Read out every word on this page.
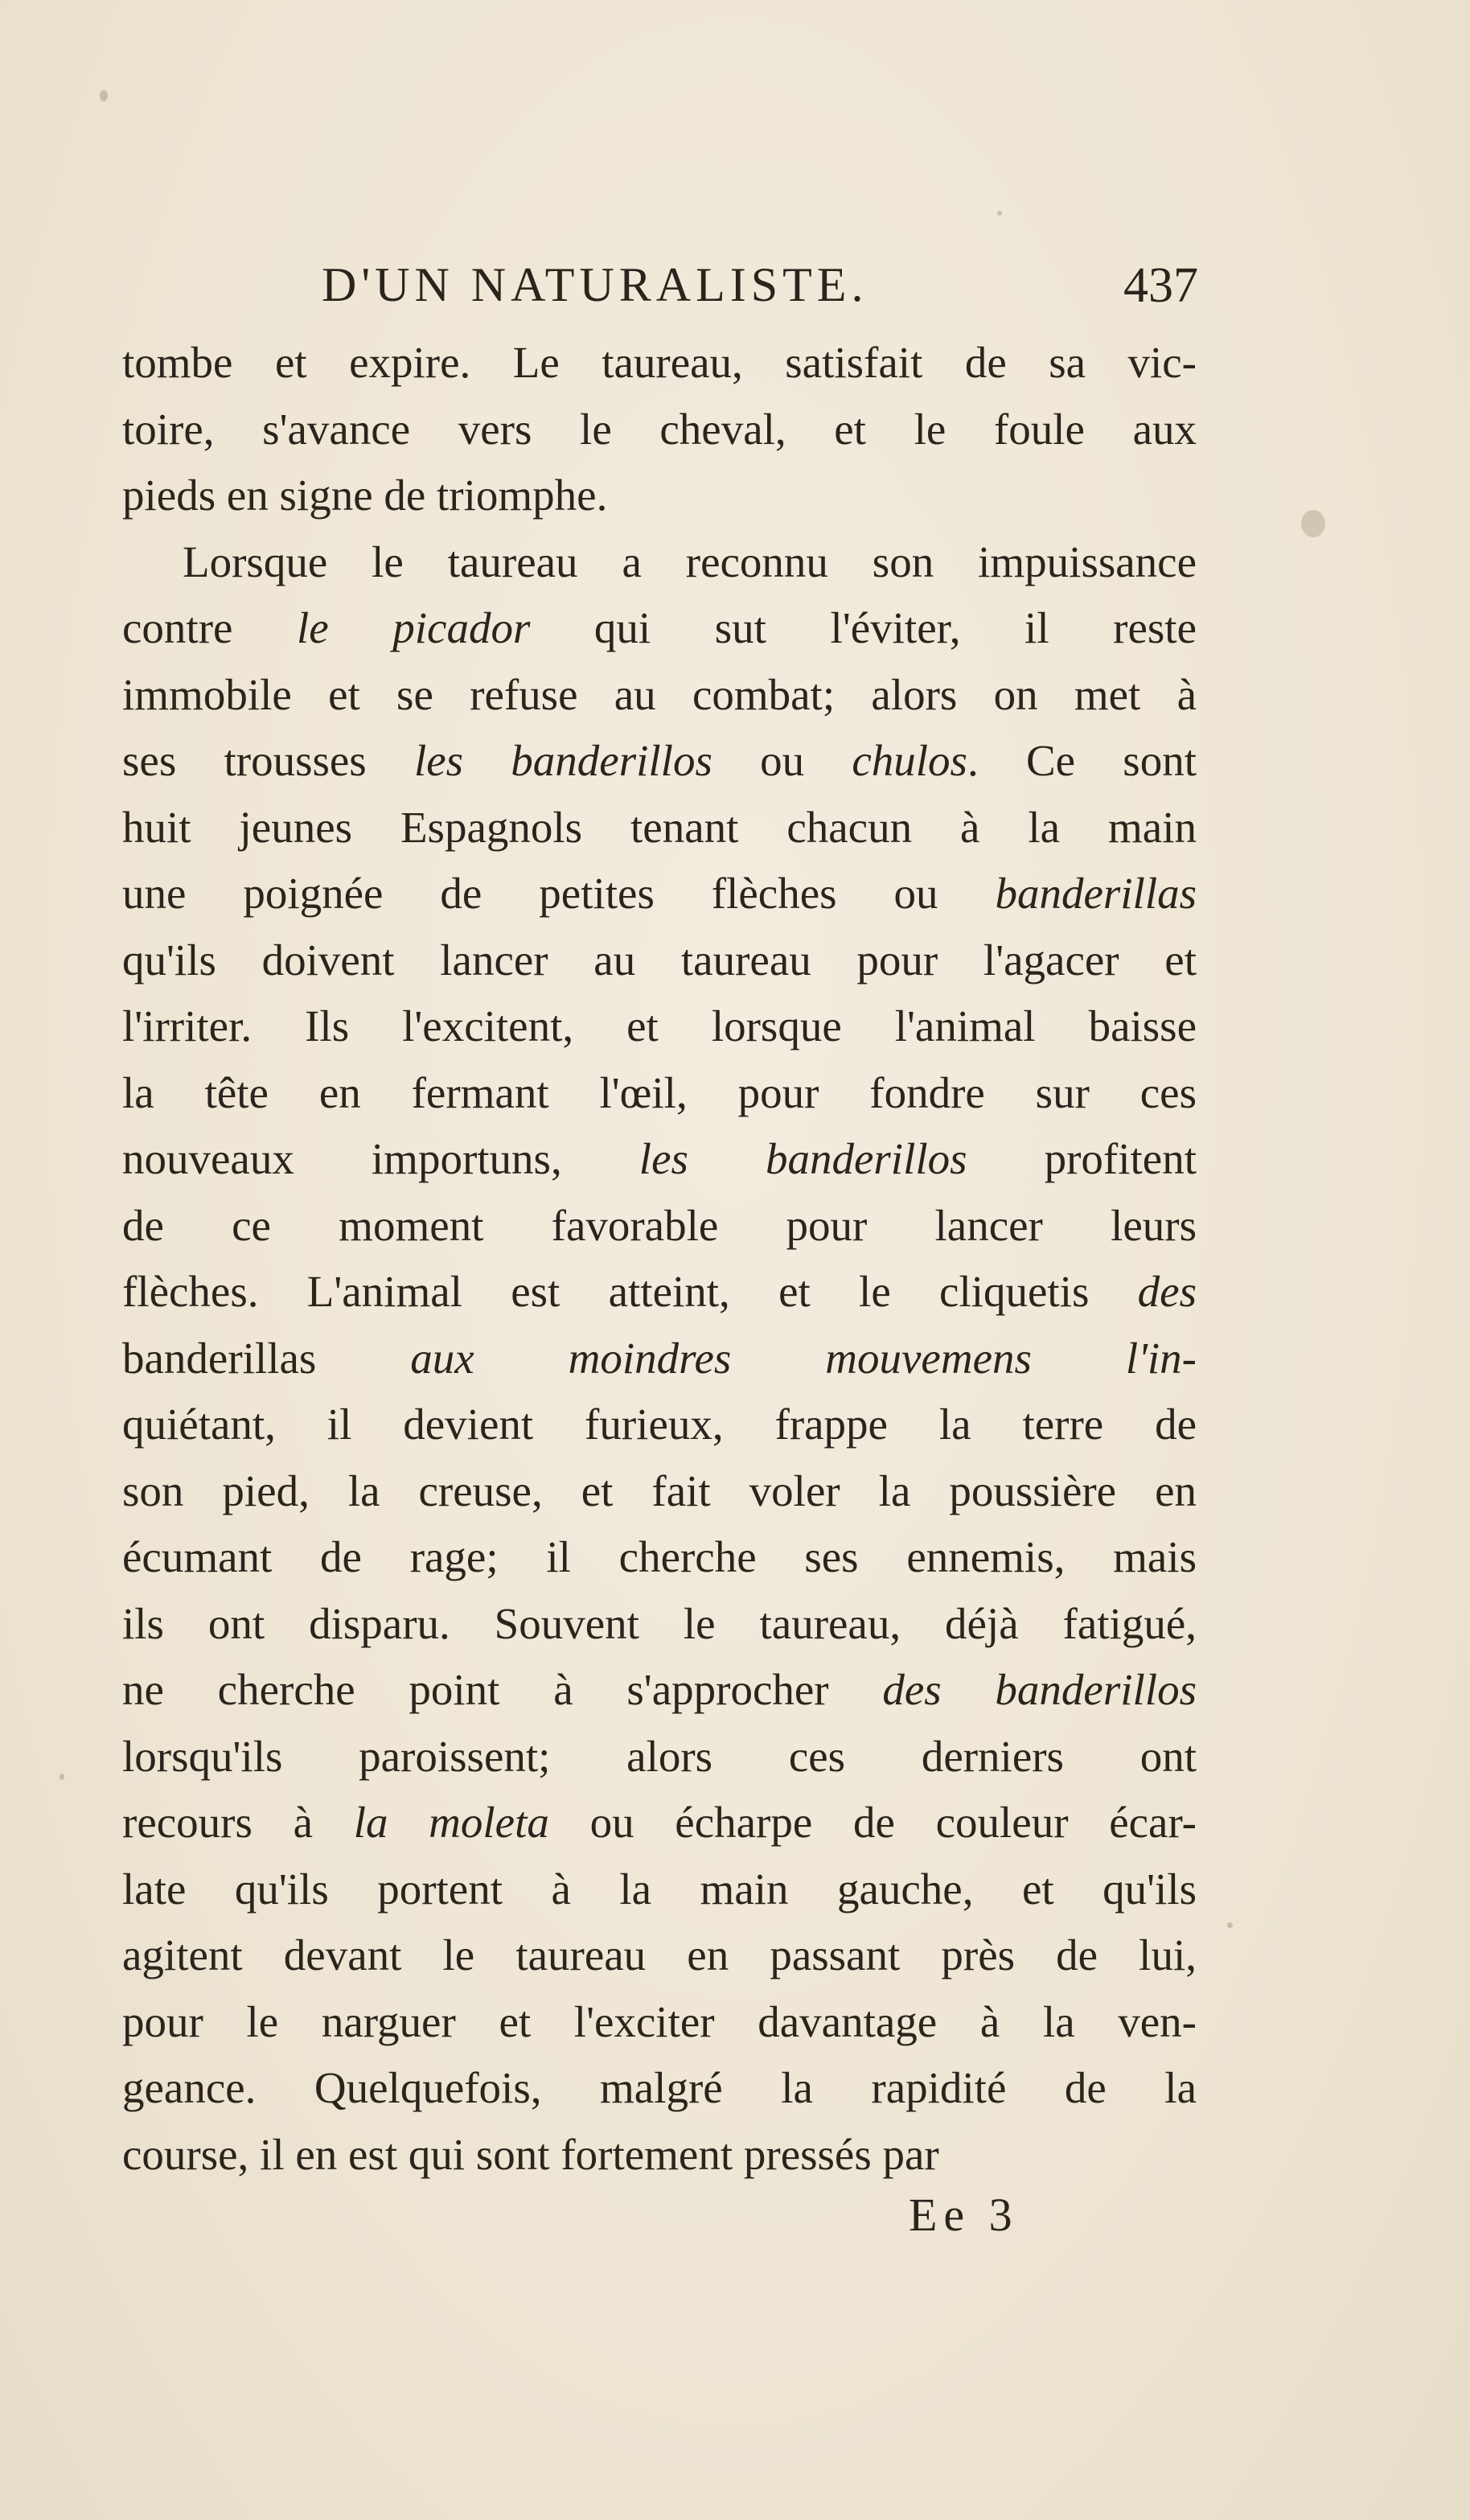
D'UN NATURALISTE.	437
tombe et expire. Le taureau, satisfait de sa vic-
toire, s'avance vers le cheval, et le foule aux
pieds en signe de triomphe.
Lorsque le taureau a reconnu son impuissance
contre le picador qui sut l'éviter, il reste
immobile et se refuse au combat; alors on met à
ses trousses les banderillos ou chulos. Ce sont
huit jeunes Espagnols tenant chacun à la main
une poignée de petites flèches ou banderillas
qu'ils doivent lancer au taureau pour l'agacer et
l'irriter. Ils l'excitent, et lorsque l'animal baisse
la tête en fermant l'œil, pour fondre sur ces
nouveaux importuns, les banderillos profitent
de ce moment favorable pour lancer leurs
flèches. L'animal est atteint, et le cliquetis des
banderillas aux moindres mouvemens l'in-
quiétant, il devient furieux, frappe la terre de
son pied, la creuse, et fait voler la poussière en
écumant de rage; il cherche ses ennemis, mais
ils ont disparu. Souvent le taureau, déjà fatigué,
ne cherche point à s'approcher des banderillos
lorsqu'ils paroissent; alors ces derniers ont
recours à la moleta ou écharpe de couleur écar-
late qu'ils portent à la main gauche, et qu'ils
agitent devant le taureau en passant près de lui,
pour le narguer et l'exciter davantage à la ven-
geance. Quelquefois, malgré la rapidité de la
course, il en est qui sont fortement pressés par
Ee 3
